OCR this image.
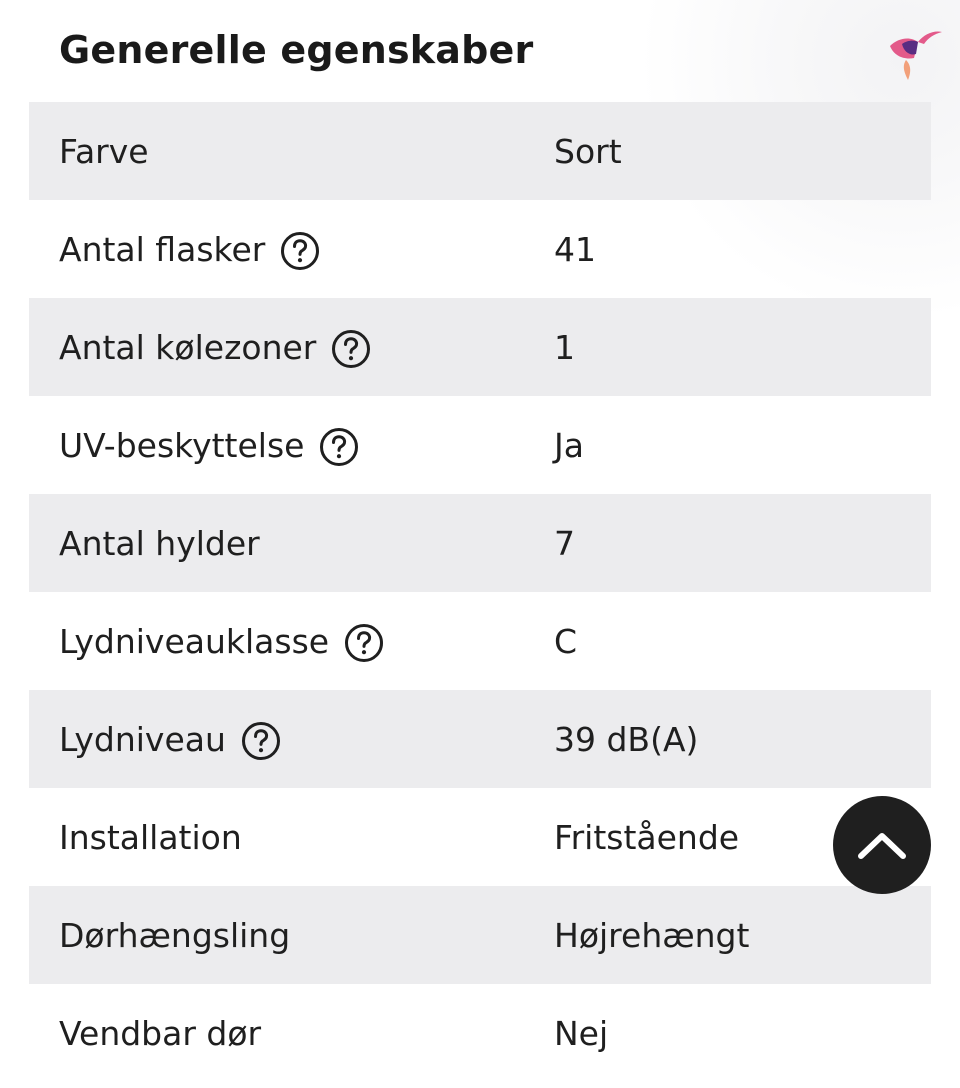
Generelle egenskaber
Farve	Sort
Antal flasker	41
Antal kølezoner	1
UV-beskyttelse	Ja
Antal hylder	7
Lydniveauklasse	C
Lydniveau	39 dB(A)
Installation	Fritstående
Dørhængsling	Højrehængt
Vendbar dør	Nej
